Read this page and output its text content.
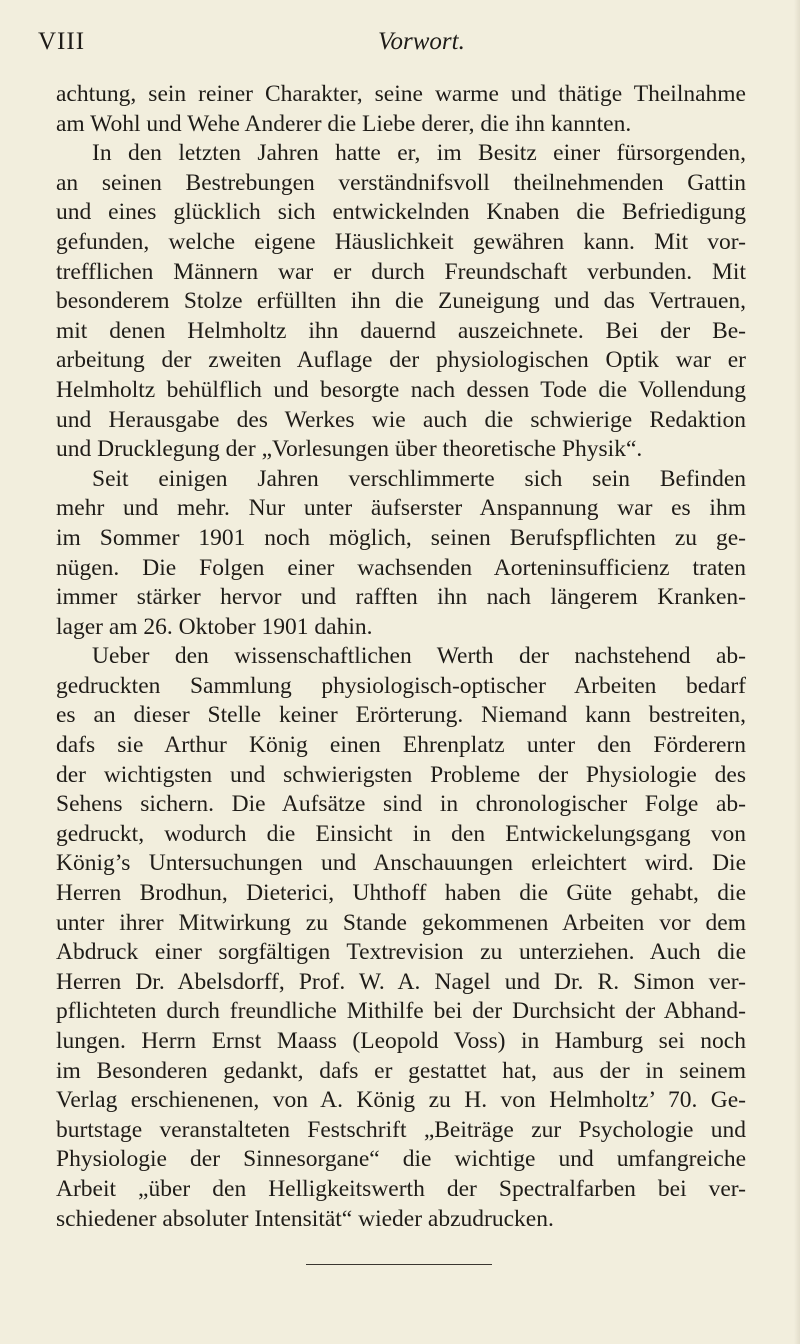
VIII	Vorwort.
achtung, sein reiner Charakter, seine warme und thätige Theilnahme
am Wohl und Wehe Anderer die Liebe derer, die ihn kannten.
In den letzten Jahren hatte er, im Besitz einer fürsorgenden,
an seinen Bestrebungen verständnifsvoll theilnehmenden Gattin
und eines glücklich sich entwickelnden Knaben die Befriedigung
gefunden, welche eigene Häuslichkeit gewähren kann. Mit vor-
trefflichen Männern war er durch Freundschaft verbunden. Mit
besonderem Stolze erfüllten ihn die Zuneigung und das Vertrauen,
mit denen Helmholtz ihn dauernd auszeichnete. Bei der Be-
arbeitung der zweiten Auflage der physiologischen Optik war er
Helmholtz behülflich und besorgte nach dessen Tode die Vollendung
und Herausgabe des Werkes wie auch die schwierige Redaktion
und Drucklegung der „Vorlesungen über theoretische Physik“.
Seit einigen Jahren verschlimmerte sich sein Befinden
mehr und mehr. Nur unter äufserster Anspannung war es ihm
im Sommer 1901 noch möglich, seinen Berufspflichten zu ge-
nügen. Die Folgen einer wachsenden Aorteninsufficienz traten
immer stärker hervor und rafften ihn nach längerem Kranken-
lager am 26. Oktober 1901 dahin.
Ueber den wissenschaftlichen Werth der nachstehend ab-
gedruckten Sammlung physiologisch-optischer Arbeiten bedarf
es an dieser Stelle keiner Erörterung. Niemand kann bestreiten,
dafs sie Arthur König einen Ehrenplatz unter den Förderern
der wichtigsten und schwierigsten Probleme der Physiologie des
Sehens sichern. Die Aufsätze sind in chronologischer Folge ab-
gedruckt, wodurch die Einsicht in den Entwickelungsgang von
König’s Untersuchungen und Anschauungen erleichtert wird. Die
Herren Brodhun, Dieterici, Uhthoff haben die Güte gehabt, die
unter ihrer Mitwirkung zu Stande gekommenen Arbeiten vor dem
Abdruck einer sorgfältigen Textrevision zu unterziehen. Auch die
Herren Dr. Abelsdorff, Prof. W. A. Nagel und Dr. R. Simon ver-
pflichteten durch freundliche Mithilfe bei der Durchsicht der Abhand-
lungen. Herrn Ernst Maass (Leopold Voss) in Hamburg sei noch
im Besonderen gedankt, dafs er gestattet hat, aus der in seinem
Verlag erschienenen, von A. König zu H. von Helmholtz’ 70. Ge-
burtstage veranstalteten Festschrift „Beiträge zur Psychologie und
Physiologie der Sinnesorgane“ die wichtige und umfangreiche
Arbeit „über den Helligkeitswerth der Spectralfarben bei ver-
schiedener absoluter Intensität“ wieder abzudrucken.
